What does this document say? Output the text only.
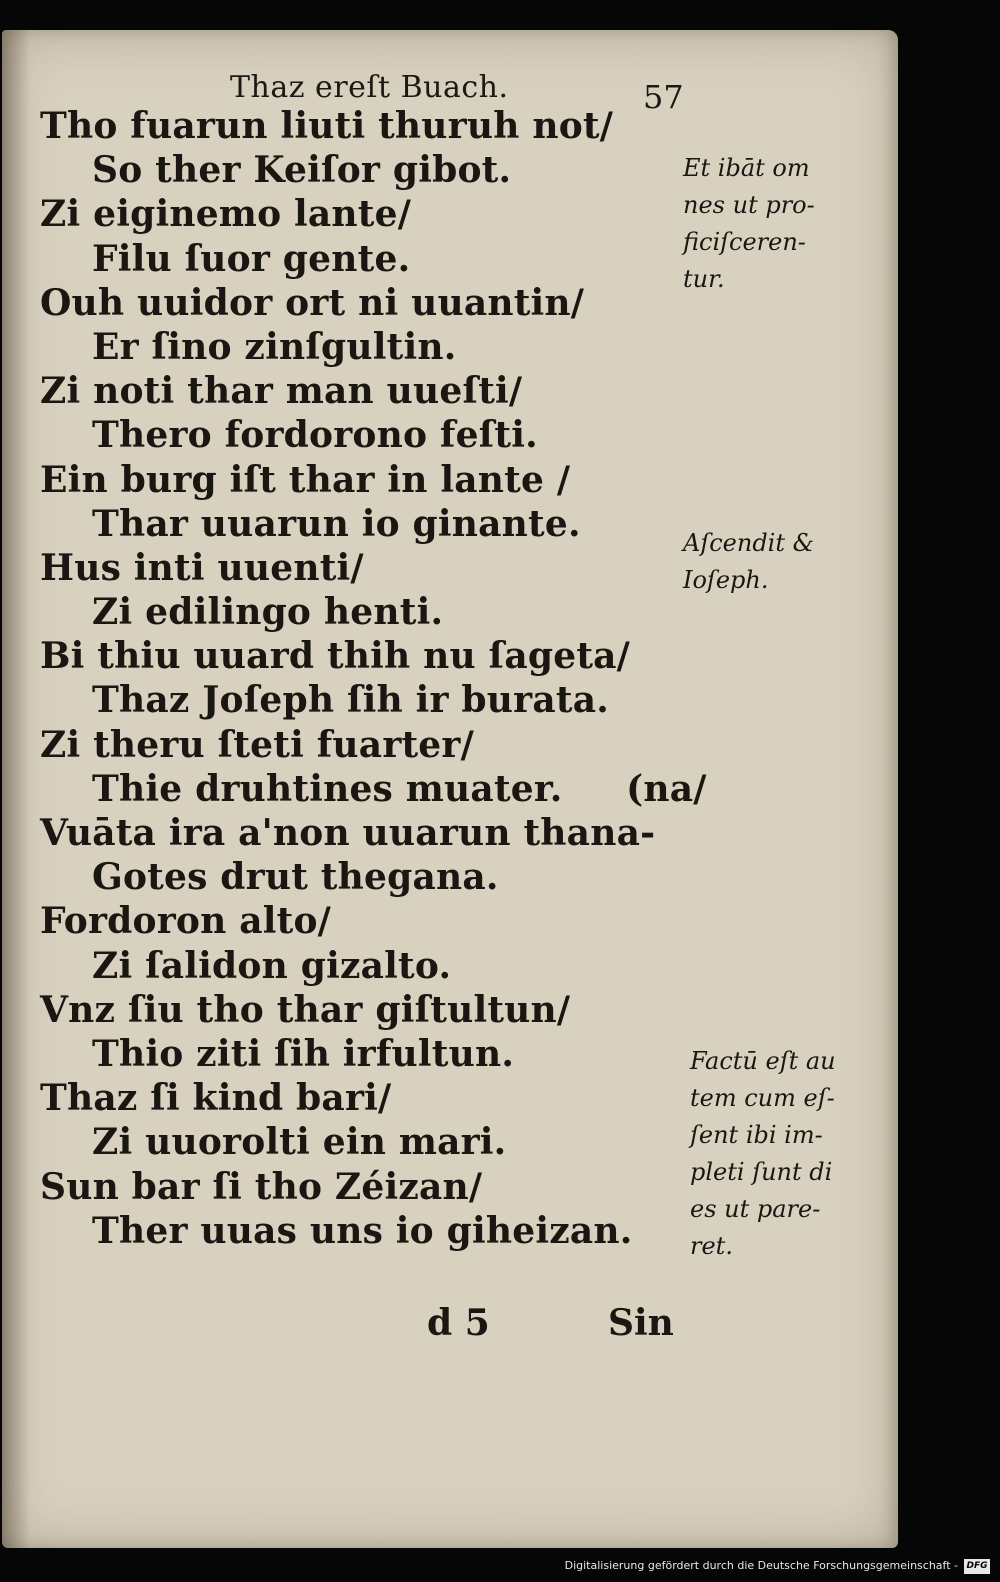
Thaz ereſt Buach.	57
Tho fuarun liuti thuruh not/
So ther Keiſor gibot.
Zi eiginemo lante/
Filu ſuor gente.
Ouh uuidor ort ni uuantin/
Er ſino zinſgultin.
Zi noti thar man uueſti/
Thero fordorono feſti.
Ein burg iſt thar in lante /
Thar uuarun io ginante.
Hus inti uuenti/
Zi edilingo henti.
Bi thiu uuard thih nu ſageta/
Thaz Joſeph ſih ir burata.
Zi theru ſteti fuarter/
Thie druhtines muater.     (na/
Vuāta ira a'non uuarun thana-
Gotes drut thegana.
Fordoron alto/
Zi ſalidon gizalto.
Vnz ſiu tho thar giſtultun/
Thio ziti ſih irfultun.
Thaz ſi kind bari/
Zi uuorolti ein mari.
Sun bar ſi tho Zéizan/
Ther uuas uns io giheizan.
Et ibāt om
nes ut pro-
ficiſceren-
tur.
Aſcendit &
Ioſeph.
Factū eſt au
tem cum eſ-
ſent ibi im-
pleti ſunt di
es ut pare-
ret.
d 5	Sin
Digitalisierung gefördert durch die Deutsche Forschungsgemeinschaft - DFG
